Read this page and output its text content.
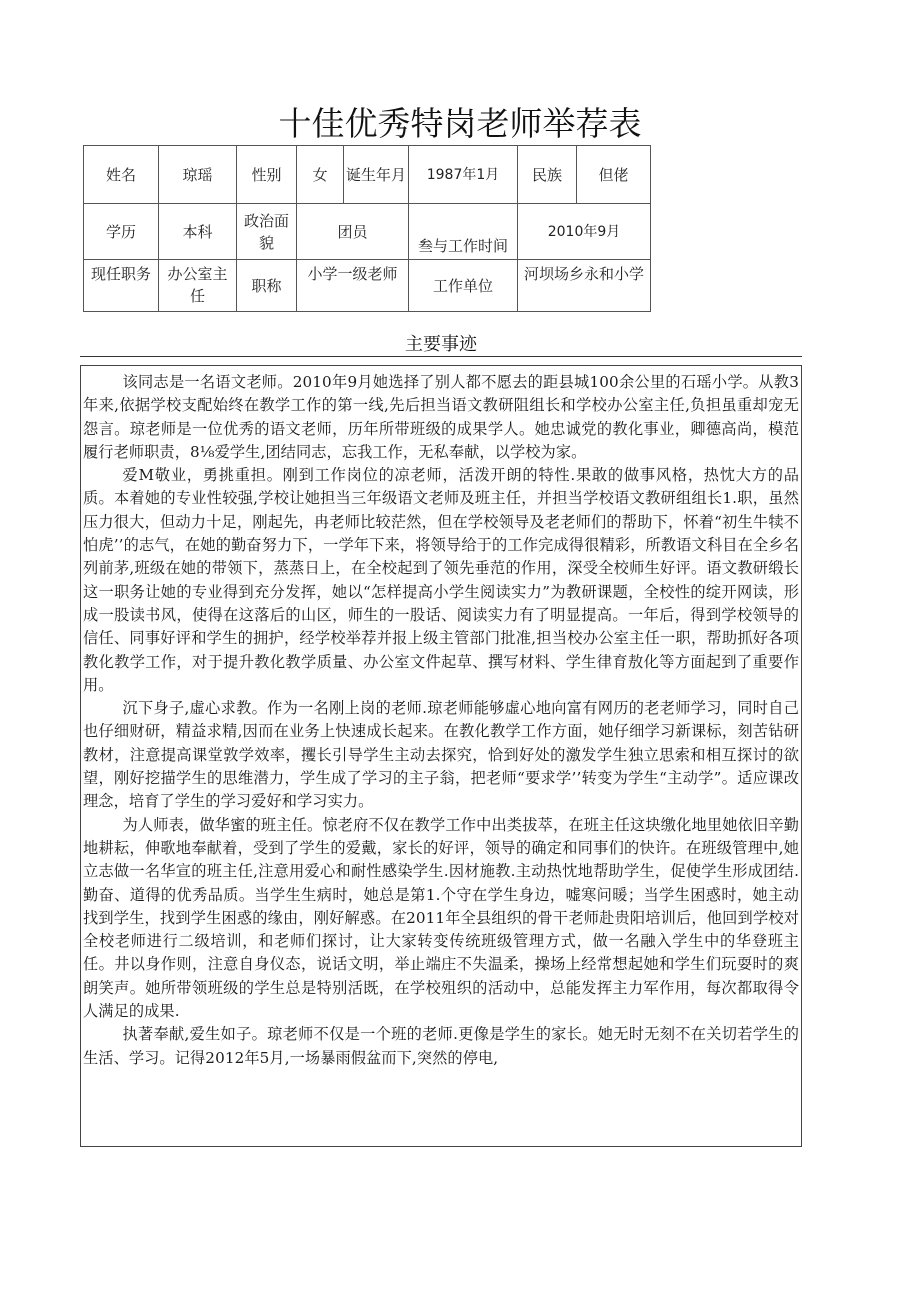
十佳优秀特岗老师举荐表
姓名	琼瑶	性别	女	诞生年月	1987年1月	民族	但佬
学历	本科	政治面貌	团员		叁与工作时间	2010年9月	
现任职务	办公室主任	职称	小学一级老师		工作单位	河坝场乡永和小学	
主要事迹

该同志是一名语文老师。2010年9月她选择了别人都不愿去的距县城100余公里的石瑶小学。从教3年来,依据学校支配始终在教学工作的第一线,先后担当语文教研阻组长和学校办公室主任,负担虽重却宠无怨言。琼老师是一位优秀的语文老师，历年所带班级的成果学人。她忠诚党的教化事业，卿德高尚，模范履行老师职责，8⅛爱学生,团结同志，忘我工作，无私奉献，以学校为家。

爱M敬业，勇挑重担。刚到工作岗位的凉老师，活泼开朗的特性.果敢的做事风格，热忱大方的品质。本着她的专业性较强,学校让她担当三年级语文老师及班主任，并担当学校语文教研组组长1.职，虽然压力很大，但动力十足，刚起先，冉老师比较茫然，但在学校领导及老老师们的帮助下，怀着“初生牛犊不怕虎’’的志气，在她的勤奋努力下，一学年下来，将领导给于的工作完成得很精彩，所教语文科目在全乡名列前茅,班级在她的带领下，蒸蒸日上，在全校起到了领先垂范的作用，深受全校师生好评。语文教研缎长这一职务让她的专业得到充分发挥，她以“怎样提高小学生阅读实力”为教研课题，全校性的绽开网读，形成一股读书风，使得在这落后的山区，师生的一股话、阅读实力有了明显提高。一年后，得到学校领导的信任、同事好评和学生的拥护，经学校举荐并报上级主管部门批准,担当校办公室主任一职，帮助抓好各项教化教学工作，对于提升教化教学质量、办公室文件起草、撰写材料、学生律育敖化等方面起到了重要作用。

沉下身子,虛心求教。作为一名刚上岗的老师.琼老师能够虛心地向富有网历的老老师学习，同时自己也仔细财研，精益求精,因而在业务上快速成长起来。在教化教学工作方面，她仔细学习新课标，刻苦钻研教材，注意提高课堂敦学效率，攫长引导学生主动去探究，恰到好处的激发学生独立思索和相互探讨的欲望，刚好挖描学生的思维潜力，学生成了学习的主子翁，把老师“要求学’’转变为学生“主动学”。适应课改理念，培育了学生的学习爱好和学习实力。

为人师表，做华蜜的班主任。惊老府不仅在教学工作中出类拔萃，在班主任这块缴化地里她依旧辛勤地耕耘，伸歌地奉献着，受到了学生的爱戴，家长的好评，领导的确定和同事们的快许。在班级管理中,她立志做一名华宣的班主任,注意用爱心和耐性感染学生.因材施教.主动热忱地帮助学生，促使学生形成团结.勤奋、道得的优秀品质。当学生生病时，她总是第1.个守在学生身边，嘘寒问暖；当学生困惑时，她主动找到学生，找到学生困惑的缘由，刚好解惑。在2011年全县组织的骨干老师赴贵阳培训后，他回到学校对全校老师进行二级培训，和老师们探讨，让大家转变传统班级管理方式，做一名融入学生中的华登班主任。井以身作则，注意自身仪态，说话文明，举止端庄不失温柔，操场上经常想起她和学生们玩耍时的爽朗笑声。她所带领班级的学生总是特别活既，在学校殂织的活动中，总能发挥主力军作用，每次都取得令人满足的成果.

执著奉献,爱生如子。琼老师不仅是一个班的老师.更像是学生的家长。她无时无刻不在关切若学生的生活、学习。记得2012年5月,一场暴雨假盆而下,突然的停电,
